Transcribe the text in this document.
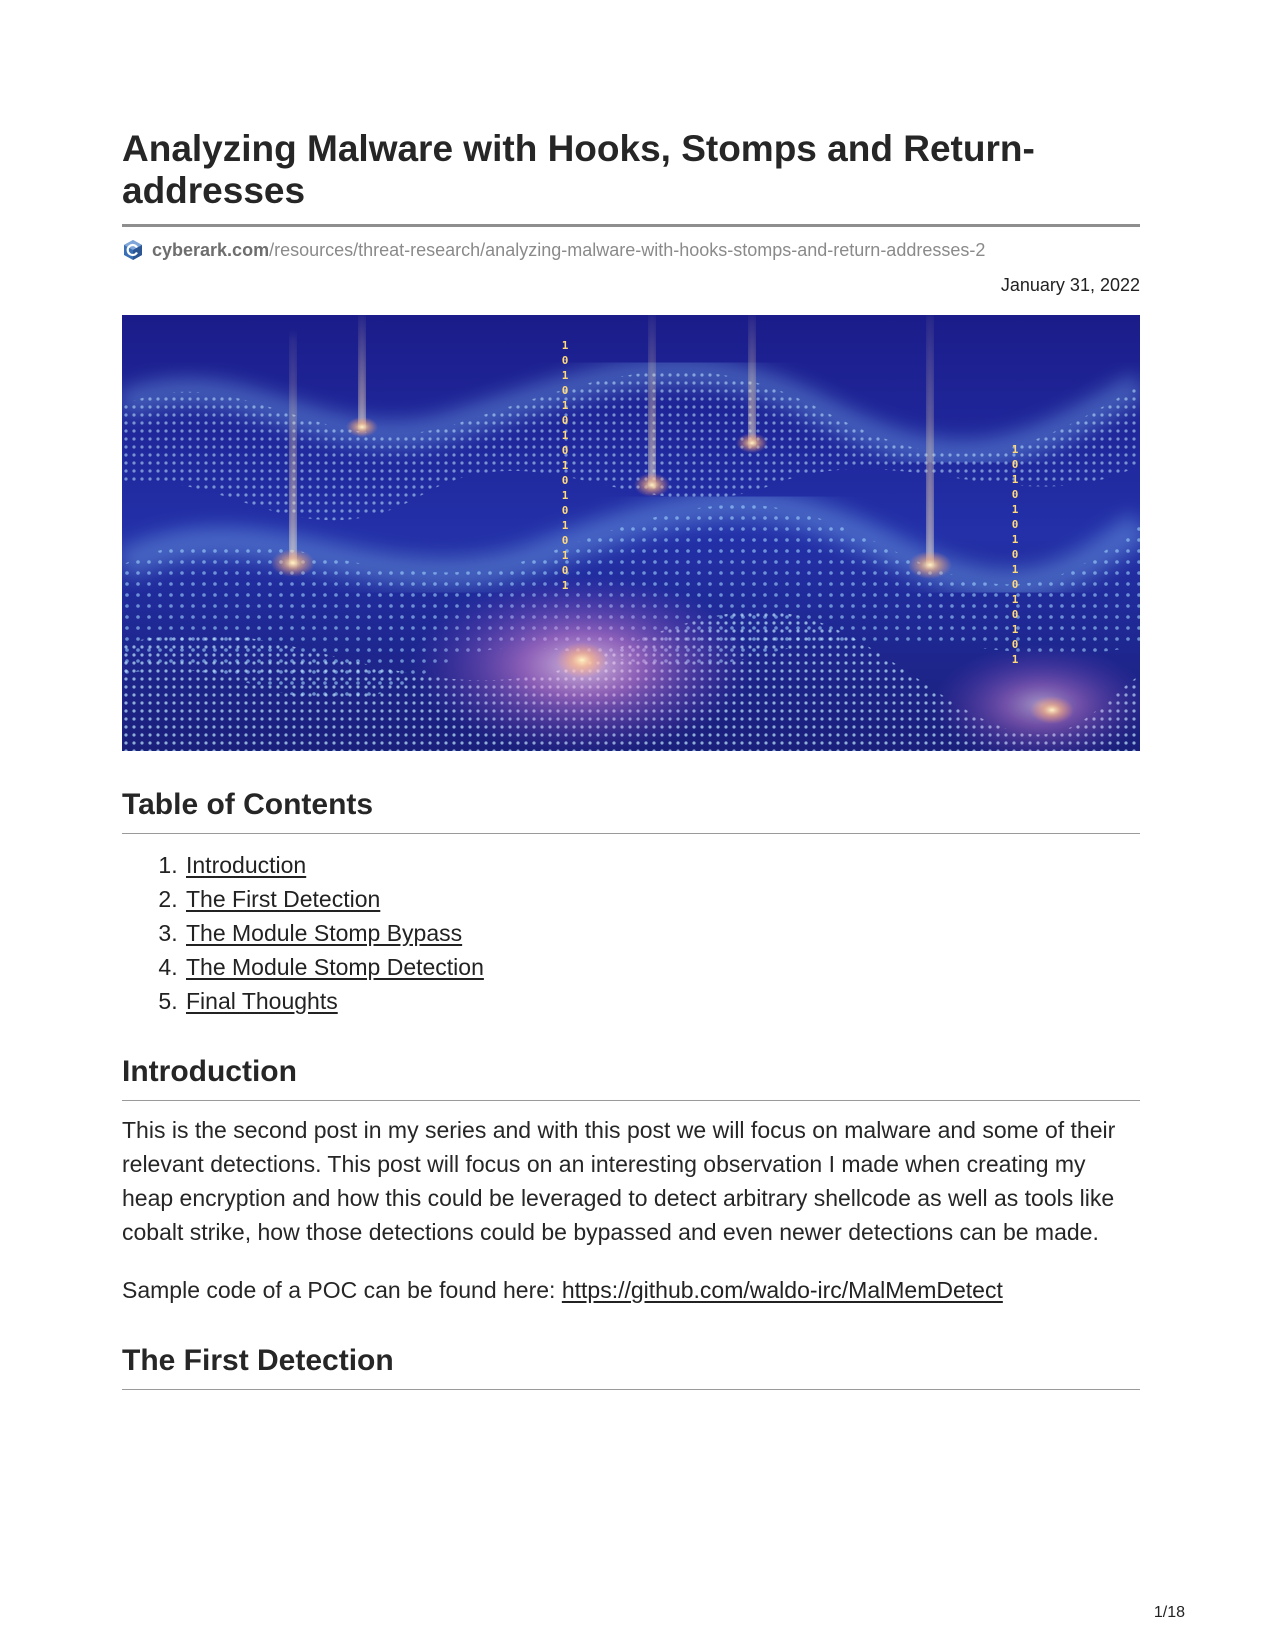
Analyzing Malware with Hooks, Stomps and Return-addresses
cyberark.com /resources/threat-research/analyzing-malware-with-hooks-stomps-and-return-addresses-2
January 31, 2022
1
0
1
0
1
0
1
0
1
0
1
0
1
0
1
0
1
1
0
1
0
1
0
1
0
1
0
1
0
1
0
1
Table of Contents
1. Introduction
2. The First Detection
3. The Module Stomp Bypass
4. The Module Stomp Detection
5. Final Thoughts
Introduction

This is the second post in my series and with this post we will focus on malware and some of their relevant detections. This post will focus on an interesting observation I made when creating my heap encryption and how this could be leveraged to detect arbitrary shellcode as well as tools like cobalt strike, how those detections could be bypassed and even newer detections can be made.

Sample code of a POC can be found here: https://github.com/waldo-irc/MalMemDetect

The First Detection
1/18
